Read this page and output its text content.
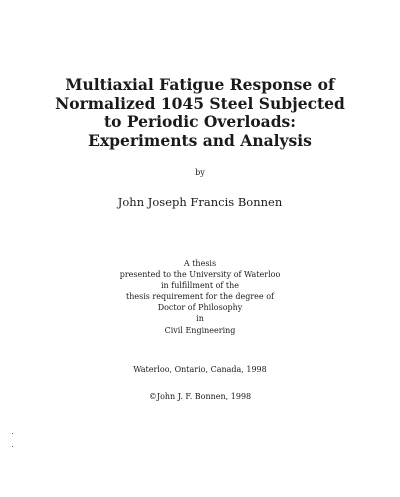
Multiaxial Fatigue Response of
Normalized 1045 Steel Subjected
to Periodic Overloads:
Experiments and Analysis
by
John Joseph Francis Bonnen
A thesis
presented to the University of Waterloo
in fulfillment of the
thesis requirement for the degree of
Doctor of Philosophy
in
Civil Engineering
Waterloo, Ontario, Canada, 1998
©John J. F. Bonnen, 1998
